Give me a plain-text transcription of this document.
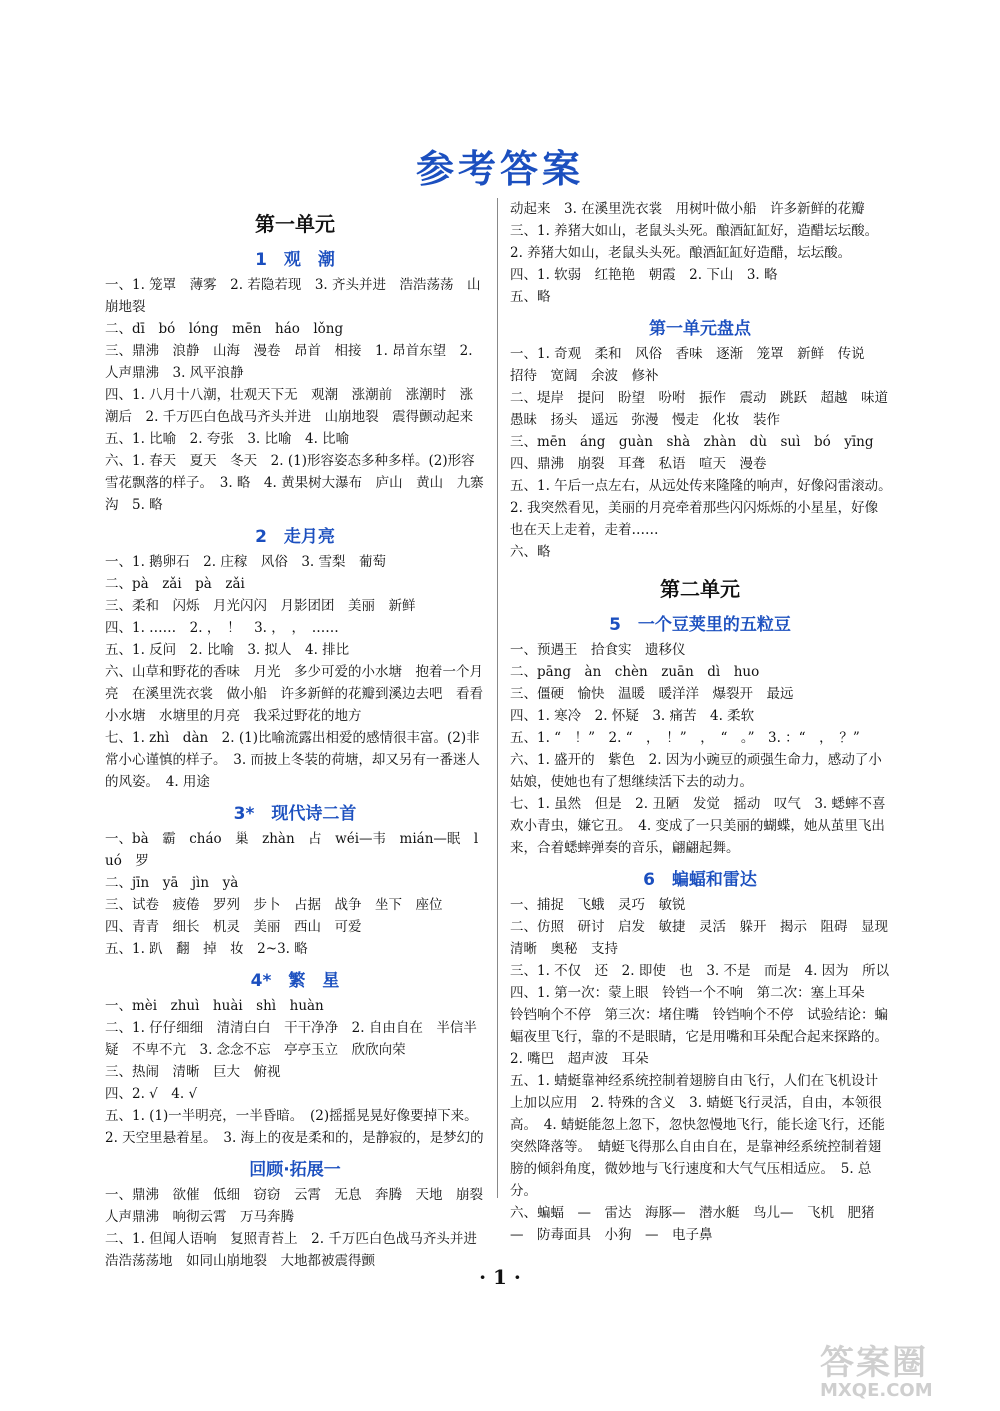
参考答案
第一单元
1　观　潮
一、1. 笼罩　薄雾　2. 若隐若现　3. 齐头并进　浩浩荡荡　山崩地裂
二、dī　bó　lóng　mēn　háo　lǒng
三、鼎沸　浪静　山海　漫卷　昂首　相接　1. 昂首东望　2. 人声鼎沸　3. 风平浪静
四、1. 八月十八潮，壮观天下无　观潮　涨潮前　涨潮时　涨潮后　2. 千万匹白色战马齐头并进　山崩地裂　震得颤动起来
五、1. 比喻　2. 夸张　3. 比喻　4. 比喻
六、1. 春天　夏天　冬天　2. (1)形容姿态多种多样。(2)形容雪花飘落的样子。　3. 略　4. 黄果树大瀑布　庐山　黄山　九寨沟　5. 略
2　走月亮
一、1. 鹅卵石　2. 庄稼　风俗　3. 雪梨　葡萄
二、pà　zǎi　pà　zǎi
三、柔和　闪烁　月光闪闪　月影团团　美丽　新鲜
四、1. ……　2. ，　！　3. ，　，　……
五、1. 反问　2. 比喻　3. 拟人　4. 排比
六、山草和野花的香味　月光　多少可爱的小水塘　抱着一个月亮　在溪里洗衣裳　做小船　许多新鲜的花瓣到溪边去吧　看看小水塘　水塘里的月亮　我采过野花的地方
七、1. zhì　dàn　2. (1)比喻流露出相爱的感情很丰富。(2)非常小心谨慎的样子。　3. 而披上冬装的荷塘，却又另有一番迷人的风姿。　4. 用途
3*　现代诗二首
一、bà　霸　cháo　巢　zhàn　占　wéi—韦　mián—眠　luó　罗
二、jīn　yā　jìn　yà
三、试卷　疲倦　罗列　步卜　占据　战争　坐下　座位
四、青青　细长　机灵　美丽　西山　可爱
五、1. 趴　翻　掉　妆　2~3. 略
4*　繁　星
一、mèi　zhuì　huài　shì　huàn
二、1. 仔仔细细　清清白白　干干净净　2. 自由自在　半信半疑　不卑不亢　3. 念念不忘　亭亭玉立　欣欣向荣
三、热闹　清晰　巨大　俯视
四、2. √　4. √
五、1. (1)一半明亮，一半昏暗。　(2)摇摇晃晃好像要掉下来。　2. 天空里悬着星。　3. 海上的夜是柔和的，是静寂的，是梦幻的
回顾·拓展一
一、鼎沸　欲催　低细　窃窃　云霄　无息　奔腾　天地　崩裂　人声鼎沸　响彻云霄　万马奔腾
二、1. 但闻人语响　复照青苔上　2. 千万匹白色战马齐头并进　浩浩荡荡地　如同山崩地裂　大地都被震得颤
动起来　3. 在溪里洗衣裳　用树叶做小船　许多新鲜的花瓣
三、1. 养猪大如山，老鼠头头死。酿酒缸缸好，造醋坛坛酸。　2. 养猪大如山，老鼠头头死。酿酒缸缸好造醋，坛坛酸。
四、1. 软弱　红艳艳　朝霞　2. 下山　3. 略
五、略
第一单元盘点
一、1. 奇观　柔和　风俗　香味　逐渐　笼罩　新鲜　传说　招待　宽阔　余波　修补
二、堤岸　提问　盼望　吩咐　振作　震动　跳跃　超越　味道　愚昧　扬头　遥远　弥漫　慢走　化妆　装作
三、mēn　áng　guàn　shà　zhàn　dù　suì　bó　yīng
四、鼎沸　崩裂　耳聋　私语　喧天　漫卷
五、1. 午后一点左右，从远处传来隆隆的响声，好像闷雷滚动。　2. 我突然看见，美丽的月亮牵着那些闪闪烁烁的小星星，好像也在天上走着，走着……
六、略
第二单元
5　一个豆荚里的五粒豆
一、预遇王　拾食实　遗移仪
二、pāng　àn　chèn　zuān　dì　huo
三、僵硬　愉快　温暖　暖洋洋　爆裂开　最远
四、1. 寒冷　2. 怀疑　3. 痛苦　4. 柔软
五、1. “　！”　2. “　，　！”　，　“　。”　3. ：“　，　？”
六、1. 盛开的　紫色　2. 因为小豌豆的顽强生命力，感动了小姑娘，使她也有了想继续活下去的动力。
七、1. 虽然　但是　2. 丑陋　发觉　摇动　叹气　3. 蟋蟀不喜欢小青虫，嫌它丑。　4. 变成了一只美丽的蝴蝶，她从茧里飞出来，合着蟋蟀弹奏的音乐，翩翩起舞。
6　蝙蝠和雷达
一、捕捉　飞蛾　灵巧　敏锐
二、仿照　研讨　启发　敏捷　灵活　躲开　揭示　阻碍　显现　清晰　奥秘　支持
三、1. 不仅　还　2. 即使　也　3. 不是　而是　4. 因为　所以
四、1. 第一次：蒙上眼　铃铛一个不响　第二次：塞上耳朵　铃铛响个不停　第三次：堵住嘴　铃铛响个不停　试验结论：蝙蝠夜里飞行，靠的不是眼睛，它是用嘴和耳朵配合起来探路的。　2. 嘴巴　超声波　耳朵
五、1. 蜻蜓靠神经系统控制着翅膀自由飞行，人们在飞机设计上加以应用　2. 特殊的含义　3. 蜻蜓飞行灵活，自由，本领很高。　4. 蜻蜓能忽上忽下，忽快忽慢地飞行，能长途飞行，还能突然降落等。　蜻蜓飞得那么自由自在，是靠神经系统控制着翅膀的倾斜角度，微妙地与飞行速度和大气气压相适应。　5. 总分。
六、蝙蝠　—　雷达　海豚—　潜水艇　鸟儿—　飞机　肥猪　—　防毒面具　小狗　—　电子鼻
· 1 ·
答案圈
MXQE.COM
